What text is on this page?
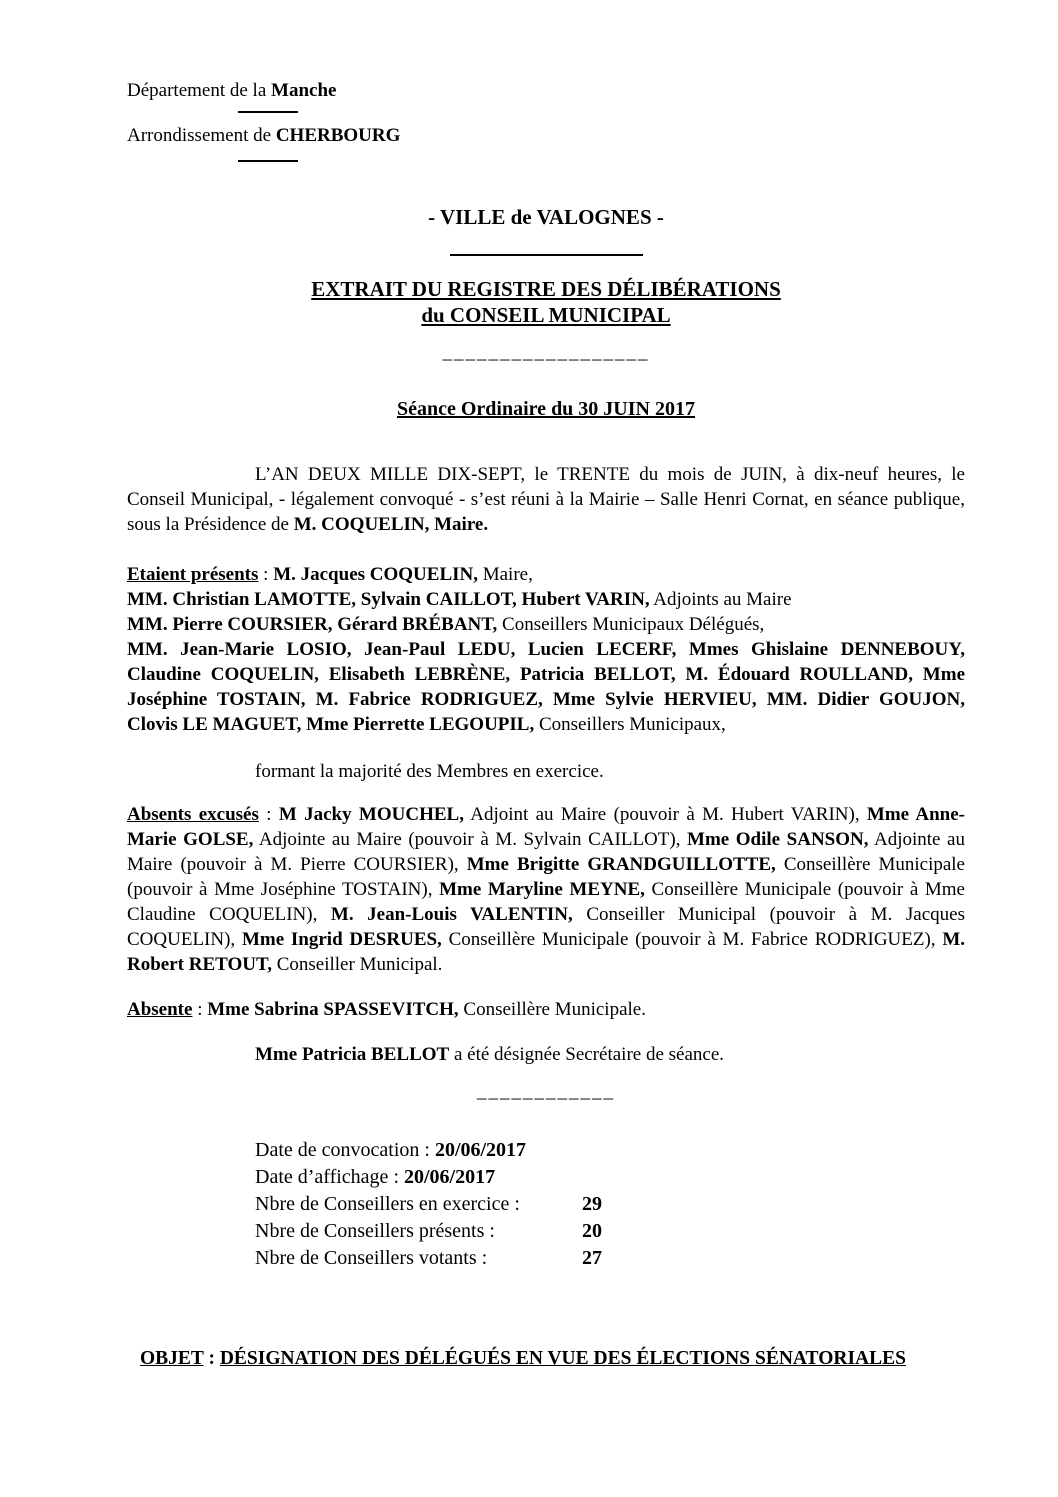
Département de la Manche

Arrondissement de CHERBOURG

- VILLE de VALOGNES -

EXTRAIT DU REGISTRE DES DÉLIBÉRATIONS

du CONSEIL MUNICIPAL

__________________

Séance Ordinaire du 30 JUIN 2017

L’AN DEUX MILLE DIX-SEPT, le TRENTE du mois de JUIN, à dix-neuf heures, le Conseil Municipal, - légalement convoqué - s’est réuni à la Mairie – Salle Henri Cornat, en séance publique, sous la Présidence de M. COQUELIN, Maire.

Etaient présents : M. Jacques COQUELIN, Maire,

MM. Christian LAMOTTE, Sylvain CAILLOT, Hubert VARIN, Adjoints au Maire

MM. Pierre COURSIER, Gérard BRÉBANT, Conseillers Municipaux Délégués,

MM. Jean-Marie LOSIO, Jean-Paul LEDU, Lucien LECERF, Mmes Ghislaine DENNEBOUY, Claudine COQUELIN, Elisabeth LEBRÈNE, Patricia BELLOT, M. Édouard ROULLAND, Mme Joséphine TOSTAIN, M. Fabrice RODRIGUEZ, Mme Sylvie HERVIEU, MM. Didier GOUJON, Clovis LE MAGUET, Mme Pierrette LEGOUPIL, Conseillers Municipaux,

formant la majorité des Membres en exercice.

Absents excusés : M Jacky MOUCHEL, Adjoint au Maire (pouvoir à M. Hubert VARIN), Mme Anne-Marie GOLSE, Adjointe au Maire (pouvoir à M. Sylvain CAILLOT), Mme Odile SANSON, Adjointe au Maire (pouvoir à M. Pierre COURSIER), Mme Brigitte GRANDGUILLOTTE, Conseillère Municipale (pouvoir à Mme Joséphine TOSTAIN), Mme Maryline MEYNE, Conseillère Municipale (pouvoir à Mme Claudine COQUELIN), M. Jean-Louis VALENTIN, Conseiller Municipal (pouvoir à M. Jacques COQUELIN), Mme Ingrid DESRUES, Conseillère Municipale (pouvoir à M. Fabrice RODRIGUEZ), M. Robert RETOUT, Conseiller Municipal.

Absente : Mme Sabrina SPASSEVITCH, Conseillère Municipale.

Mme Patricia BELLOT a été désignée Secrétaire de séance.

____________

Date de convocation : 20/06/2017
Date d’affichage : 20/06/2017
Nbre de Conseillers en exercice :	29
Nbre de Conseillers présents :	20
Nbre de Conseillers votants :	27

OBJET : DÉSIGNATION DES DÉLÉGUÉS EN VUE DES ÉLECTIONS SÉNATORIALES
